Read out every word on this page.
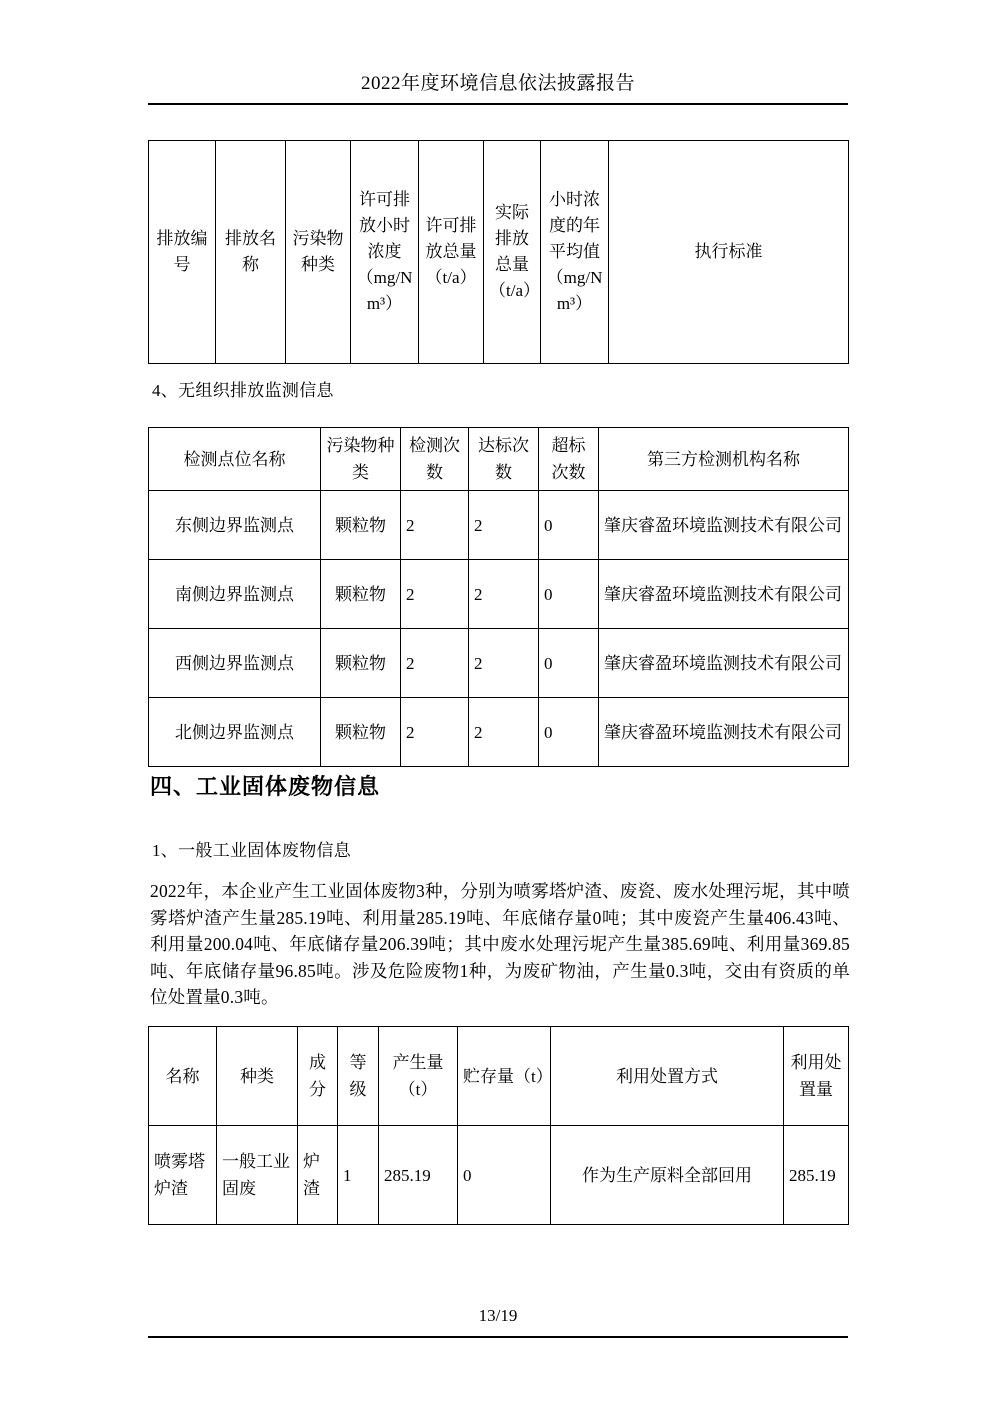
2022年度环境信息依法披露报告
排放编号	排放名称	污染物种类	许可排放小时浓度（mg/Nm³）	许可排放总量（t/a）	实际排放总量（t/a）	小时浓度的年平均值（mg/Nm³）	执行标准
4、无组织排放监测信息
检测点位名称	污染物种类	检测次数	达标次数	超标次数	第三方检测机构名称
东侧边界监测点	颗粒物	2	2	0	肇庆睿盈环境监测技术有限公司
南侧边界监测点	颗粒物	2	2	0	肇庆睿盈环境监测技术有限公司
西侧边界监测点	颗粒物	2	2	0	肇庆睿盈环境监测技术有限公司
北侧边界监测点	颗粒物	2	2	0	肇庆睿盈环境监测技术有限公司
四、工业固体废物信息
1、一般工业固体废物信息
2022年，本企业产生工业固体废物3种，分别为喷雾塔炉渣、废瓷、废水处理污坭，其中喷雾塔炉渣产生量285.19吨、利用量285.19吨、年底储存量0吨；其中废瓷产生量406.43吨、利用量200.04吨、年底储存量206.39吨；其中废水处理污坭产生量385.69吨、利用量369.85吨、年底储存量96.85吨。涉及危险废物1种，为废矿物油，产生量0.3吨，交由有资质的单位处置量0.3吨。
名称	种类	成分	等级	产生量（t）	贮存量（t）	利用处置方式	利用处置量
喷雾塔炉渣	一般工业固废	炉渣	1	285.19	0	作为生产原料全部回用	285.19
13/19
